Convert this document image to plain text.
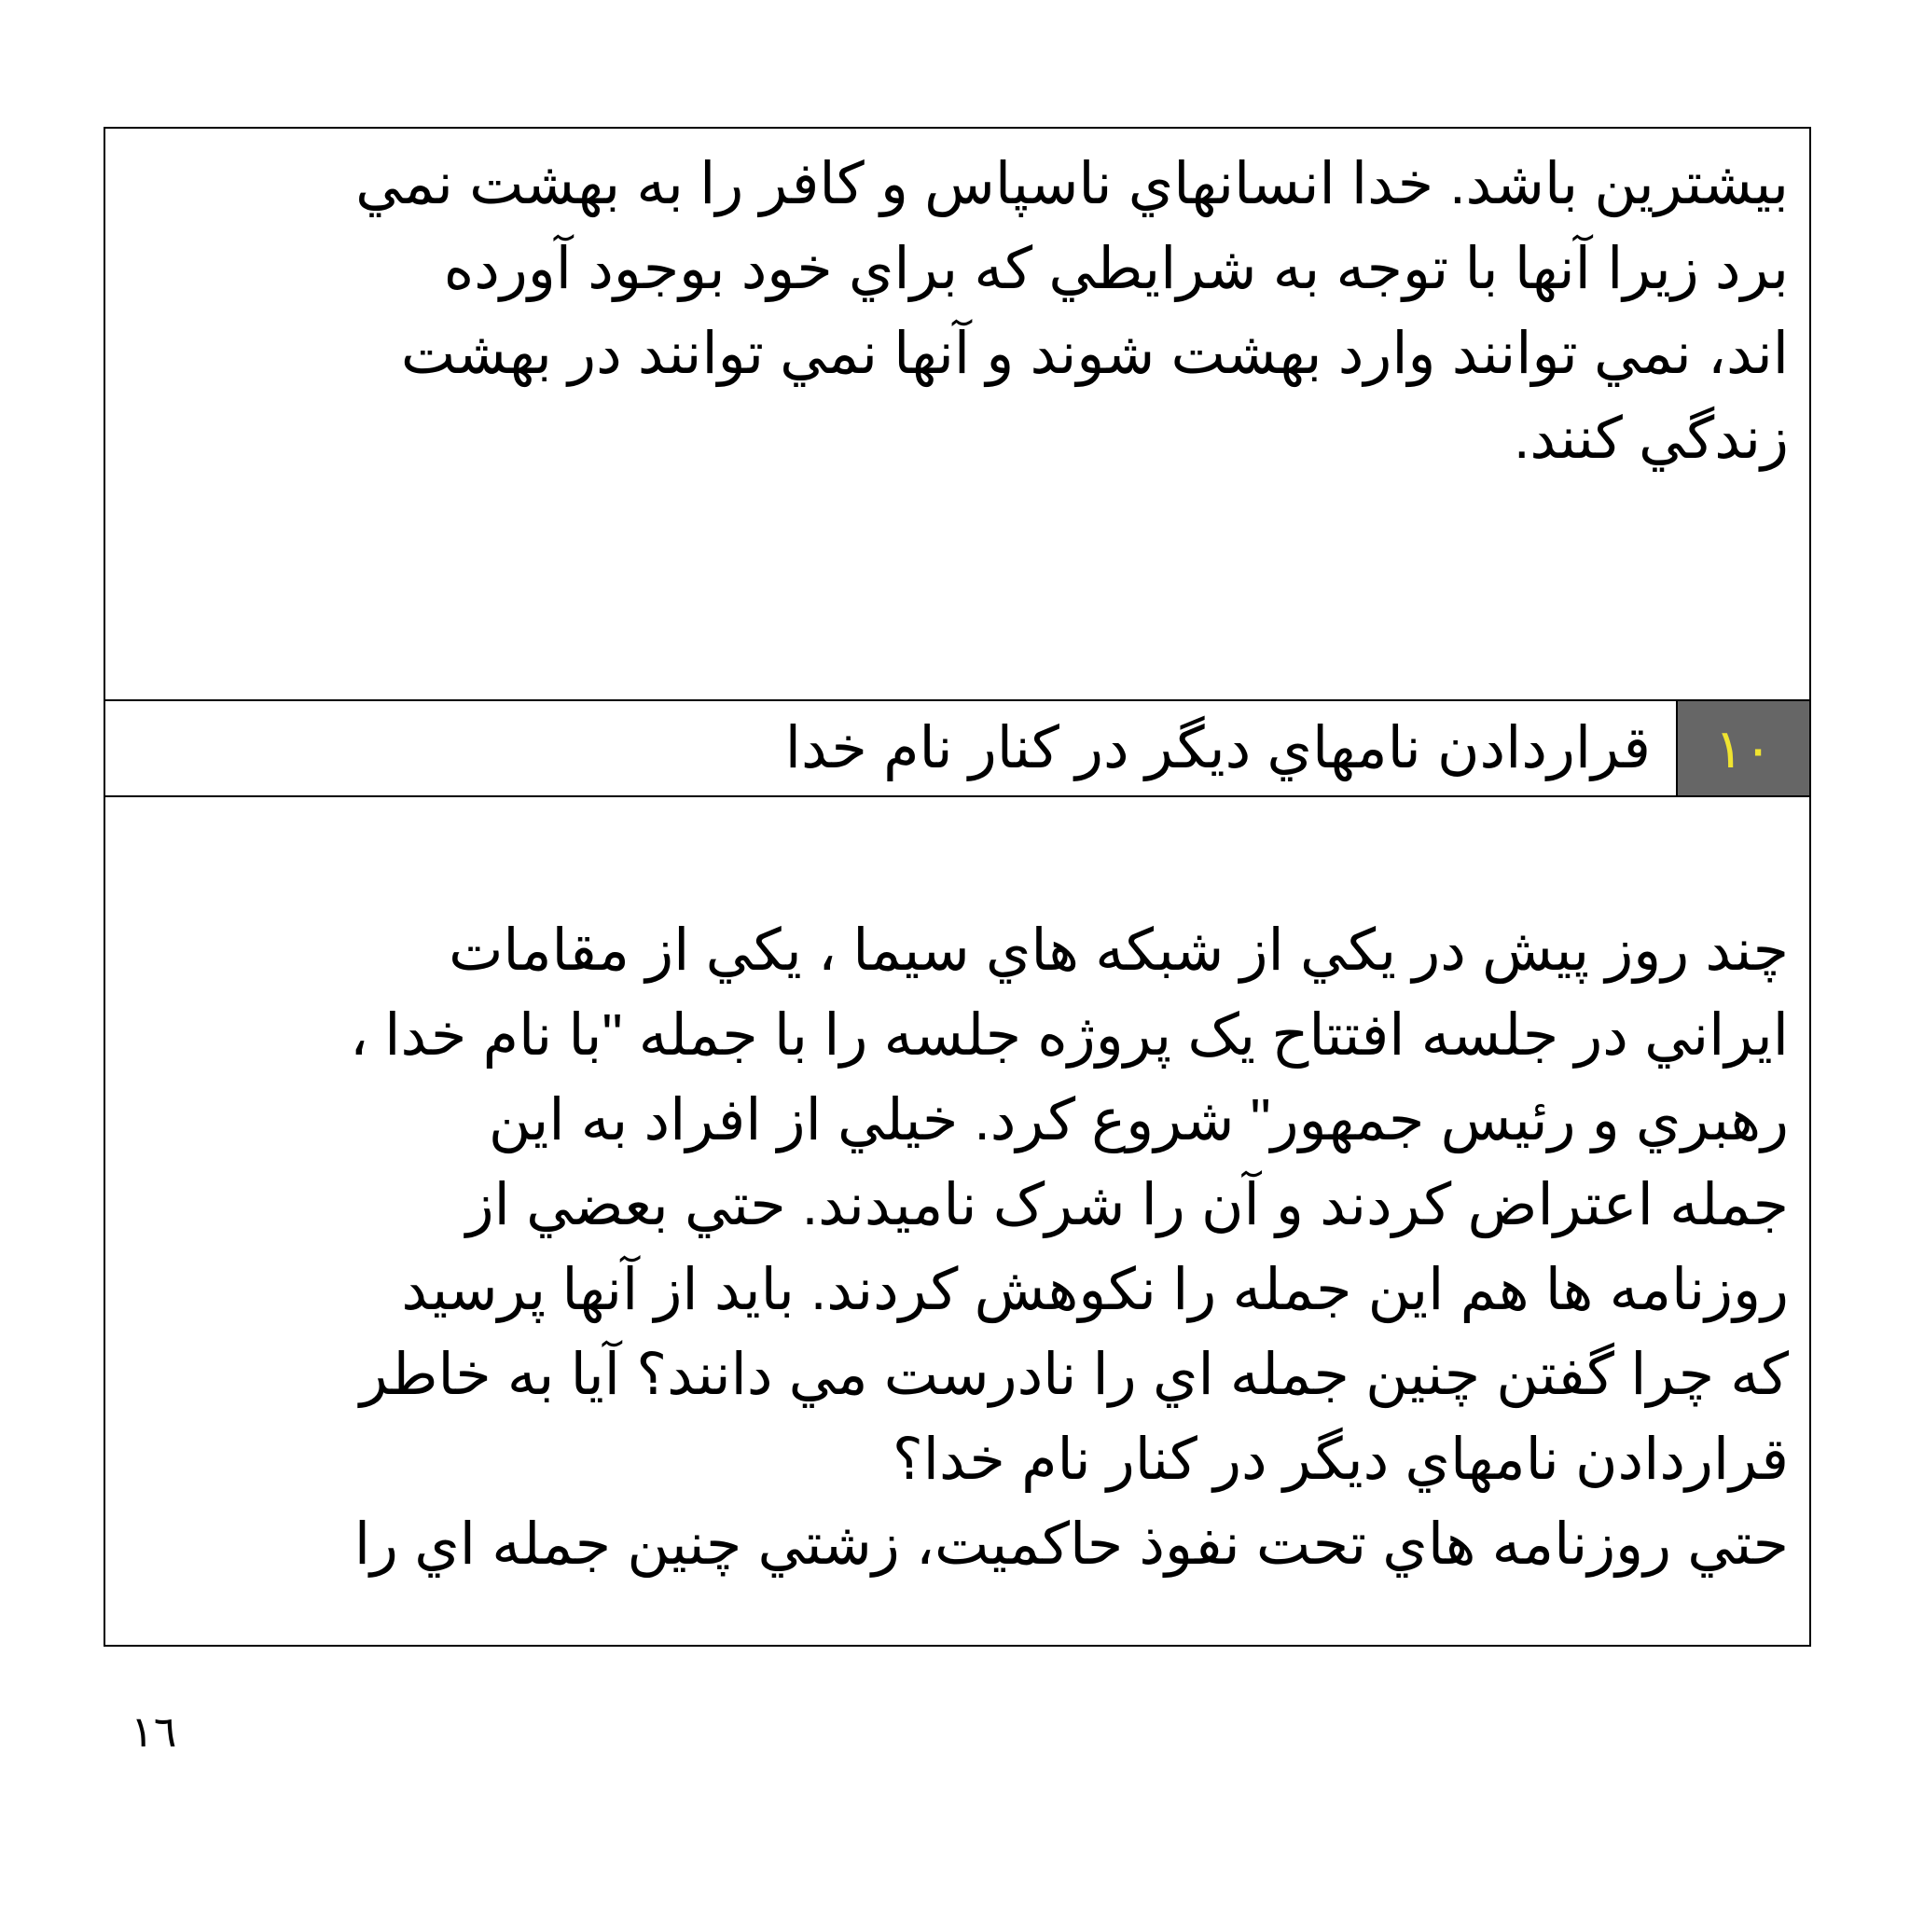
بيشترين باشد. خدا انسانهاي ناسپاس و کافر را به بهشت نمي
برد زيرا آنها با توجه به شرايطي که براي خود بوجود آورده
اند، نمي توانند وارد بهشت شوند و آنها نمي توانند در بهشت
زندگي کنند.

١٠
قراردادن نامهاي ديگر در کنار نام خدا

چند روز پيش در يکي از شبکه هاي سيما ، يکي از مقامات
ايراني در جلسه افتتاح يک پروژه جلسه را با جمله "با نام خدا ،
رهبري و رئيس جمهور" شروع کرد. خيلي از افراد به اين
جمله اعتراض کردند و آن را شرک ناميدند. حتي بعضي از
روزنامه ها هم اين جمله را نکوهش کردند. بايد از آنها پرسيد
که چرا گفتن چنين جمله اي را نادرست مي دانند؟ آيا به خاطر
قراردادن نامهاي ديگر در کنار نام خدا؟
حتي روزنامه هاي تحت نفوذ حاکميت، زشتي چنين جمله اي را

١٦
